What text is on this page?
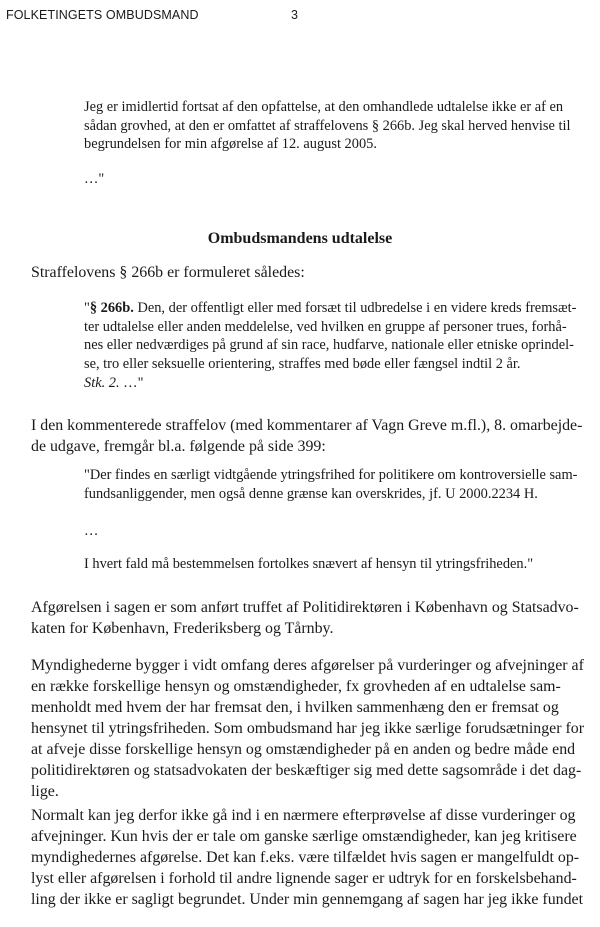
FOLKETINGETS OMBUDSMAND	3
Jeg er imidlertid fortsat af den opfattelse, at den omhandlede udtalelse ikke er af en
sådan grovhed, at den er omfattet af straffelovens § 266b. Jeg skal herved henvise til
begrundelsen for min afgørelse af 12. august 2005.
…"
Ombudsmandens udtalelse
Straffelovens § 266b er formuleret således:
"§ 266b. Den, der offentligt eller med forsæt til udbredelse i en videre kreds fremsæt-
ter udtalelse eller anden meddelelse, ved hvilken en gruppe af personer trues, forhå-
nes eller nedværdiges på grund af sin race, hudfarve, nationale eller etniske oprindel-
se, tro eller seksuelle orientering, straffes med bøde eller fængsel indtil 2 år.
Stk. 2. …"
I den kommenterede straffelov (med kommentarer af Vagn Greve m.fl.), 8. omarbejde-
de udgave, fremgår bl.a. følgende på side 399:
"Der findes en særligt vidtgående ytringsfrihed for politikere om kontroversielle sam-
fundsanliggender, men også denne grænse kan overskrides, jf. U 2000.2234 H.
…
I hvert fald må bestemmelsen fortolkes snævert af hensyn til ytringsfriheden."
Afgørelsen i sagen er som anført truffet af Politidirektøren i København og Statsadvo-
katen for København, Frederiksberg og Tårnby.
Myndighederne bygger i vidt omfang deres afgørelser på vurderinger og afvejninger af
en række forskellige hensyn og omstændigheder, fx grovheden af en udtalelse sam-
menholdt med hvem der har fremsat den, i hvilken sammenhæng den er fremsat og
hensynet til ytringsfriheden. Som ombudsmand har jeg ikke særlige forudsætninger for
at afveje disse forskellige hensyn og omstændigheder på en anden og bedre måde end
politidirektøren og statsadvokaten der beskæftiger sig med dette sagsområde i det dag-
lige.
Normalt kan jeg derfor ikke gå ind i en nærmere efterprøvelse af disse vurderinger og
afvejninger. Kun hvis der er tale om ganske særlige omstændigheder, kan jeg kritisere
myndighedernes afgørelse. Det kan f.eks. være tilfældet hvis sagen er mangelfuldt op-
lyst eller afgørelsen i forhold til andre lignende sager er udtryk for en forskelsbehand-
ling der ikke er sagligt begrundet. Under min gennemgang af sagen har jeg ikke fundet
